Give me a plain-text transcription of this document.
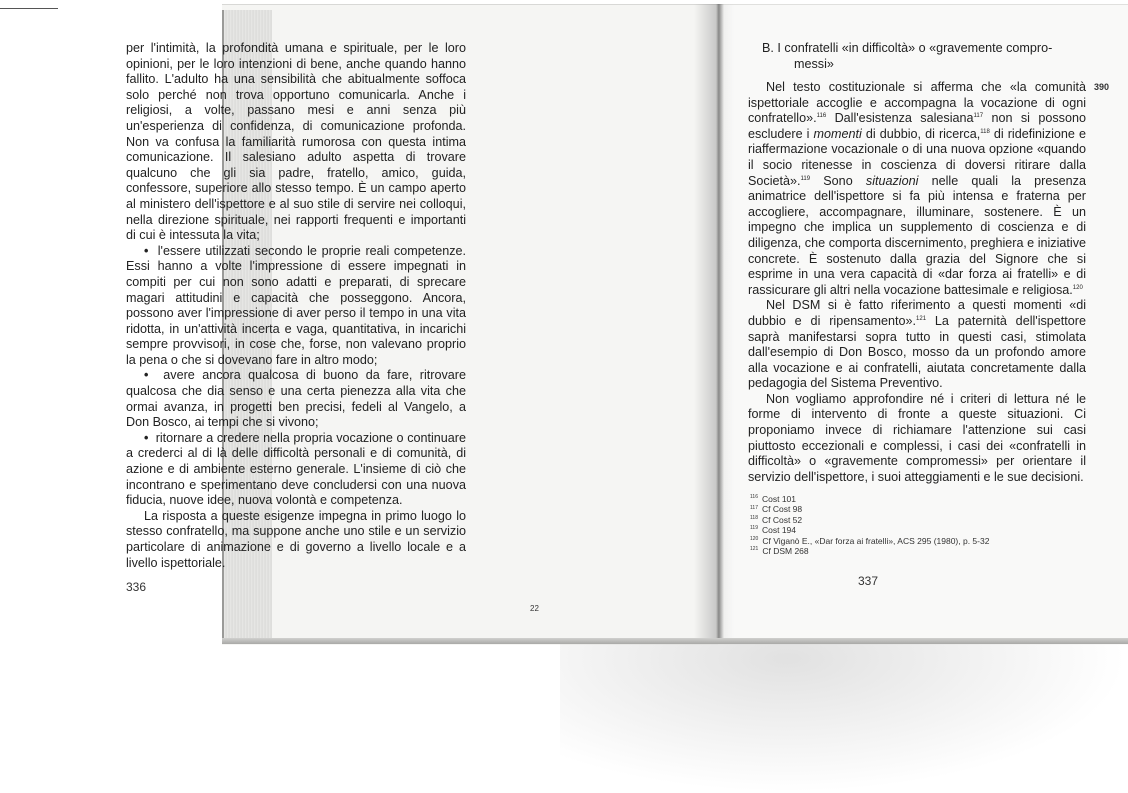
per l'intimità, la profondità umana e spirituale, per le loro opinioni, per le loro intenzioni di bene, anche quando hanno fallito. L'adulto ha una sensibilità che abitualmente soffoca solo perché non trova opportuno comunicarla. Anche i religiosi, a volte, passano mesi e anni senza più un'esperienza di confidenza, di comunicazione profonda. Non va confusa la familiarità rumorosa con questa intima comunicazione. Il salesiano adulto aspetta di trovare qualcuno che gli sia padre, fratello, amico, guida, confessore, superiore allo stesso tempo. È un campo aperto al ministero dell'ispettore e al suo stile di servire nei colloqui, nella direzione spirituale, nei rapporti frequenti e importanti di cui è intessuta la vita;

• l'essere utilizzati secondo le proprie reali competenze. Essi hanno a volte l'impressione di essere impegnati in compiti per cui non sono adatti e preparati, di sprecare magari attitudini e capacità che posseggono. Ancora, possono aver l'impressione di aver perso il tempo in una vita ridotta, in un'attività incerta e vaga, quantitativa, in incarichi sempre provvisori, in cose che, forse, non valevano proprio la pena o che si dovevano fare in altro modo;

• avere ancora qualcosa di buono da fare, ritrovare qualcosa che dia senso e una certa pienezza alla vita che ormai avanza, in progetti ben precisi, fedeli al Vangelo, a Don Bosco, ai tempi che si vivono;

• ritornare a credere nella propria vocazione o continuare a crederci al di là delle difficoltà personali e di comunità, di azione e di ambiente esterno generale. L'insieme di ciò che incontrano e sperimentano deve concludersi con una nuova fiducia, nuove idee, nuova volontà e competenza.

La risposta a queste esigenze impegna in primo luogo lo stesso confratello, ma suppone anche uno stile e un servizio particolare di animazione e di governo a livello locale e a livello ispettoriale.

336
B. I confratelli «in difficoltà» o «gravemente compro-
messi»
390

Nel testo costituzionale si afferma che «la comunità ispettoriale accoglie e accompagna la vocazione di ogni confratello».$^{116}$ Dall'esistenza salesiana$^{117}$ non si possono escludere i momenti di dubbio, di ricerca,$^{118}$ di ridefinizione e riaffermazione vocazionale o di una nuova opzione «quando il socio ritenesse in coscienza di doversi ritirare dalla Società».$^{119}$ Sono situazioni nelle quali la presenza animatrice dell'ispettore si fa più intensa e fraterna per accogliere, accompagnare, illuminare, sostenere. È un impegno che implica un supplemento di coscienza e di diligenza, che comporta discernimento, preghiera e iniziative concrete. È sostenuto dalla grazia del Signore che si esprime in una vera capacità di «dar forza ai fratelli» e di rassicurare gli altri nella vocazione battesimale e religiosa.$^{120}$

Nel DSM si è fatto riferimento a questi momenti «di dubbio e di ripensamento».$^{121}$ La paternità dell'ispettore saprà manifestarsi sopra tutto in questi casi, stimolata dall'esempio di Don Bosco, mosso da un profondo amore alla vocazione e ai confratelli, aiutata concretamente dalla pedagogia del Sistema Preventivo.

Non vogliamo approfondire né i criteri di lettura né le forme di intervento di fronte a queste situazioni. Ci proponiamo invece di richiamare l'attenzione sui casi piuttosto eccezionali e complessi, i casi dei «confratelli in difficoltà» o «gravemente compromessi» per orientare il servizio dell'ispettore, i suoi atteggiamenti e le sue decisioni.

$^{116}$ Cost 101
$^{117}$ Cf Cost 98
$^{118}$ Cf Cost 52
$^{119}$ Cost 194
$^{120}$ Cf Viganò E., «Dar forza ai fratelli», ACS 295 (1980), p. 5-32
$^{121}$ Cf DSM 268
337
22
